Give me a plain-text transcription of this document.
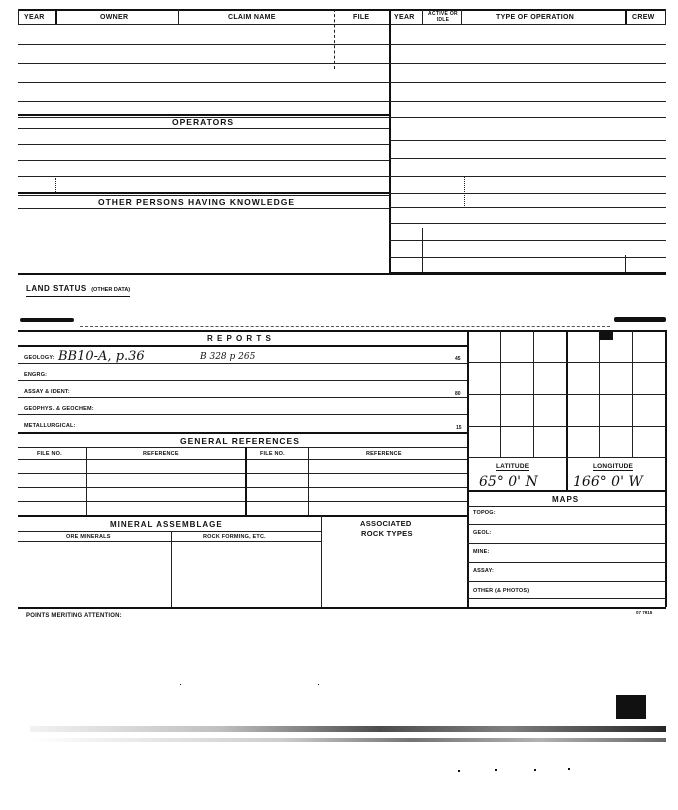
YEAR	OWNER	CLAIM NAME	FILE	YEAR	ACTIVE OR IDLE	TYPE OF OPERATION	CREW
OPERATORS
OTHER PERSONS HAVING KNOWLEDGE
LAND STATUS (OTHER DATA)
R E P O R T S
GEOLOGY: BB10-A, p.36	B 328 p 265	45
ENGRG:
ASSAY & IDENT:	80
GEOPHYS. & GEOCHEM:
METALLURGICAL:	15
GENERAL REFERENCES
FILE NO.	REFERENCE	FILE NO.	REFERENCE
MINERAL ASSEMBLAGE
ORE MINERALS	ROCK FORMING, ETC.
ASSOCIATED
ROCK TYPES
LATITUDE	LONGITUDE
65° 0' N	166° 0' W
MAPS
TOPOG:
GEOL:
MINE:
ASSAY:
OTHER (& PHOTOS)
POINTS MERITING ATTENTION:
07 7915
